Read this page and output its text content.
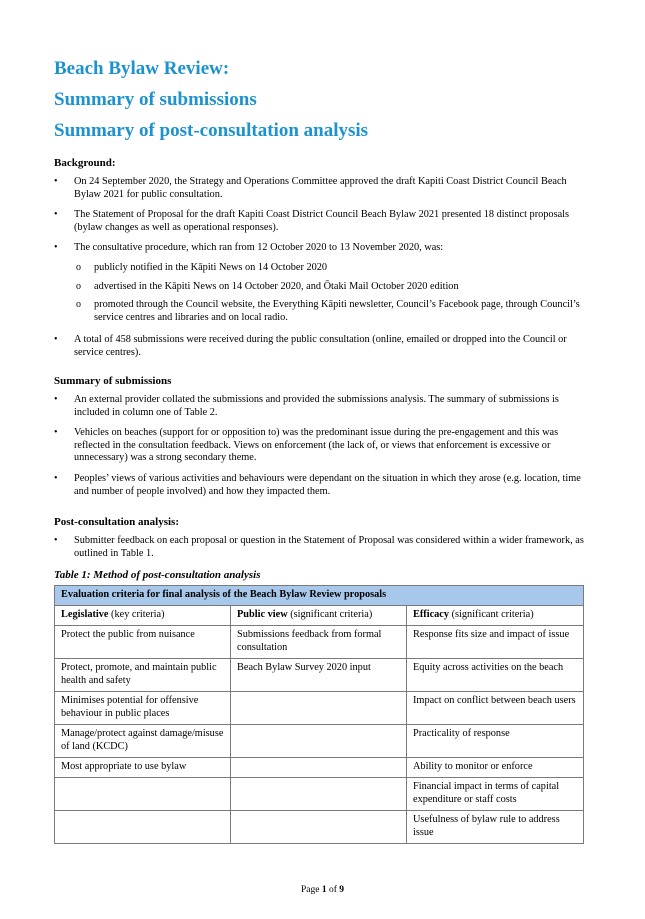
Beach Bylaw Review:
Summary of submissions
Summary of post-consultation analysis

Background:

• On 24 September 2020, the Strategy and Operations Committee approved the draft Kapiti Coast District Council Beach Bylaw 2021 for public consultation.
• The Statement of Proposal for the draft Kapiti Coast District Council Beach Bylaw 2021 presented 18 distinct proposals (bylaw changes as well as operational responses).
• The consultative procedure, which ran from 12 October 2020 to 13 November 2020, was:
o publicly notified in the Kāpiti News on 14 October 2020
o advertised in the Kāpiti News on 14 October 2020, and Ōtaki Mail October 2020 edition
o promoted through the Council website, the Everything Kāpiti newsletter, Council’s Facebook page, through Council’s service centres and libraries and on local radio.
• A total of 458 submissions were received during the public consultation (online, emailed or dropped into the Council or service centres).

Summary of submissions

• An external provider collated the submissions and provided the submissions analysis. The summary of submissions is included in column one of Table 2.
• Vehicles on beaches (support for or opposition to) was the predominant issue during the pre-engagement and this was reflected in the consultation feedback. Views on enforcement (the lack of, or views that enforcement is excessive or unnecessary) was a strong secondary theme.
• Peoples’ views of various activities and behaviours were dependant on the situation in which they arose (e.g. location, time and number of people involved) and how they impacted them.

Post-consultation analysis:

• Submitter feedback on each proposal or question in the Statement of Proposal was considered within a wider framework, as outlined in Table 1.

Table 1: Method of post-consultation analysis

Evaluation criteria for final analysis of the Beach Bylaw Review proposals		
Legislative (key criteria)	Public view (significant criteria)	Efficacy (significant criteria)
Protect the public from nuisance	Submissions feedback from formal consultation	Response fits size and impact of issue
Protect, promote, and maintain public health and safety	Beach Bylaw Survey 2020 input	Equity across activities on the beach
Minimises potential for offensive behaviour in public places		Impact on conflict between beach users
Manage/protect against damage/misuse of land (KCDC)		Practicality of response
Most appropriate to use bylaw		Ability to monitor or enforce
		Financial impact in terms of capital expenditure or staff costs
		Usefulness of bylaw rule to address issue
Page 1 of 9
